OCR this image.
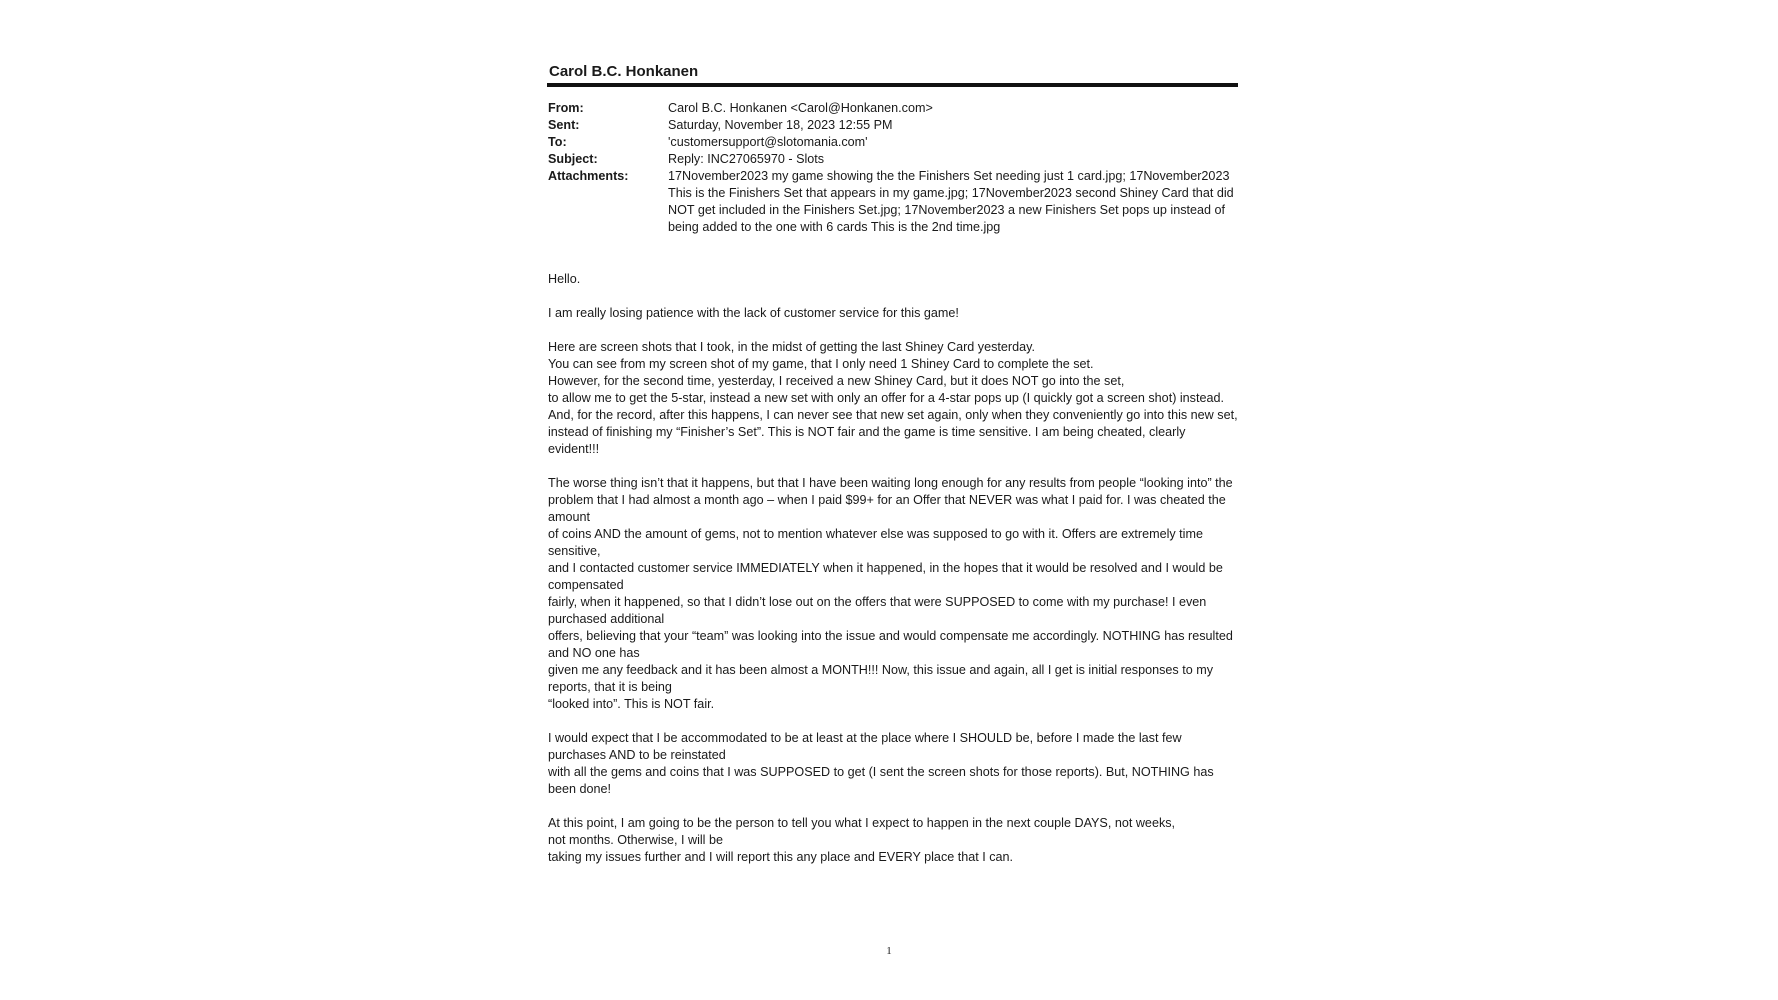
Carol B.C. Honkanen
From:	Carol B.C. Honkanen <Carol@Honkanen.com>
Sent:	Saturday, November 18, 2023 12:55 PM
To:	'customersupport@slotomania.com'
Subject:	Reply: INC27065970 - Slots
Attachments:	17November2023 my game showing the the Finishers Set needing just 1 card.jpg; 17November2023 This is the Finishers Set that appears in my game.jpg; 17November2023 second Shiney Card that did NOT get included in the Finishers Set.jpg; 17November2023 a new Finishers Set pops up instead of being added to the one with 6 cards This is the 2nd time.jpg
Hello.
I am really losing patience with the lack of customer service for this game!
Here are screen shots that I took, in the midst of getting the last Shiney Card yesterday.
You can see from my screen shot of my game, that I only need 1 Shiney Card to complete the set.
However, for the second time, yesterday, I received a new Shiney Card, but it does NOT go into the set,
to allow me to get the 5-star, instead a new set with only an offer for a 4-star pops up (I quickly got a screen shot) instead.
And, for the record, after this happens, I can never see that new set again, only when they conveniently go into this new set,
instead of finishing my “Finisher’s Set”. This is NOT fair and the game is time sensitive. I am being cheated, clearly evident!!!
The worse thing isn’t that it happens, but that I have been waiting long enough for any results from people “looking into” the
problem that I had almost a month ago – when I paid $99+ for an Offer that NEVER was what I paid for. I was cheated the amount
of coins AND the amount of gems, not to mention whatever else was supposed to go with it. Offers are extremely time sensitive,
and I contacted customer service IMMEDIATELY when it happened, in the hopes that it would be resolved and I would be compensated
fairly, when it happened, so that I didn’t lose out on the offers that were SUPPOSED to come with my purchase! I even purchased additional
offers, believing that your “team” was looking into the issue and would compensate me accordingly. NOTHING has resulted and NO one has
given me any feedback and it has been almost a MONTH!!! Now, this issue and again, all I get is initial responses to my reports, that it is being
“looked into”. This is NOT fair.
I would expect that I be accommodated to be at least at the place where I SHOULD be, before I made the last few purchases AND to be reinstated
with all the gems and coins that I was SUPPOSED to get (I sent the screen shots for those reports). But, NOTHING has been done!
At this point, I am going to be the person to tell you what I expect to happen in the next couple DAYS, not weeks,
not months. Otherwise, I will be
taking my issues further and I will report this any place and EVERY place that I can.
1
